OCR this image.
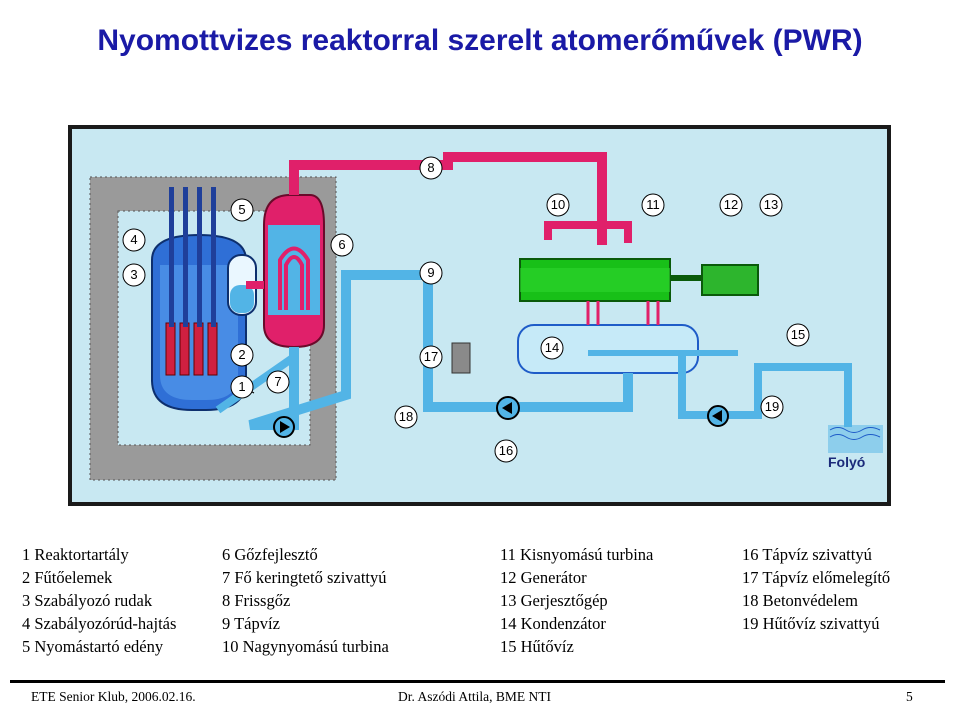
Nyomottvizes reaktorral szerelt atomerőművek (PWR)
Folyó
1
2
3
4
5
6
7
8
9
10	11	12 13
14
15
16
17
18
19
1 Reaktortartály
2 Fűtőelemek
3 Szabályozó rudak
4 Szabályozórúd-hajtás
5 Nyomástartó edény
6 Gőzfejlesztő
7 Fő keringtető szivattyú
8 Frissgőz
9 Tápvíz
10 Nagynyomású turbina
11 Kisnyomású turbina
12 Generátor
13 Gerjesztőgép
14 Kondenzátor
15 Hűtővíz
16 Tápvíz szivattyú
17 Tápvíz előmelegítő
18 Betonvédelem
19 Hűtővíz szivattyú
ETE Senior Klub, 2006.02.16.	Dr. Aszódi Attila, BME NTI	5
